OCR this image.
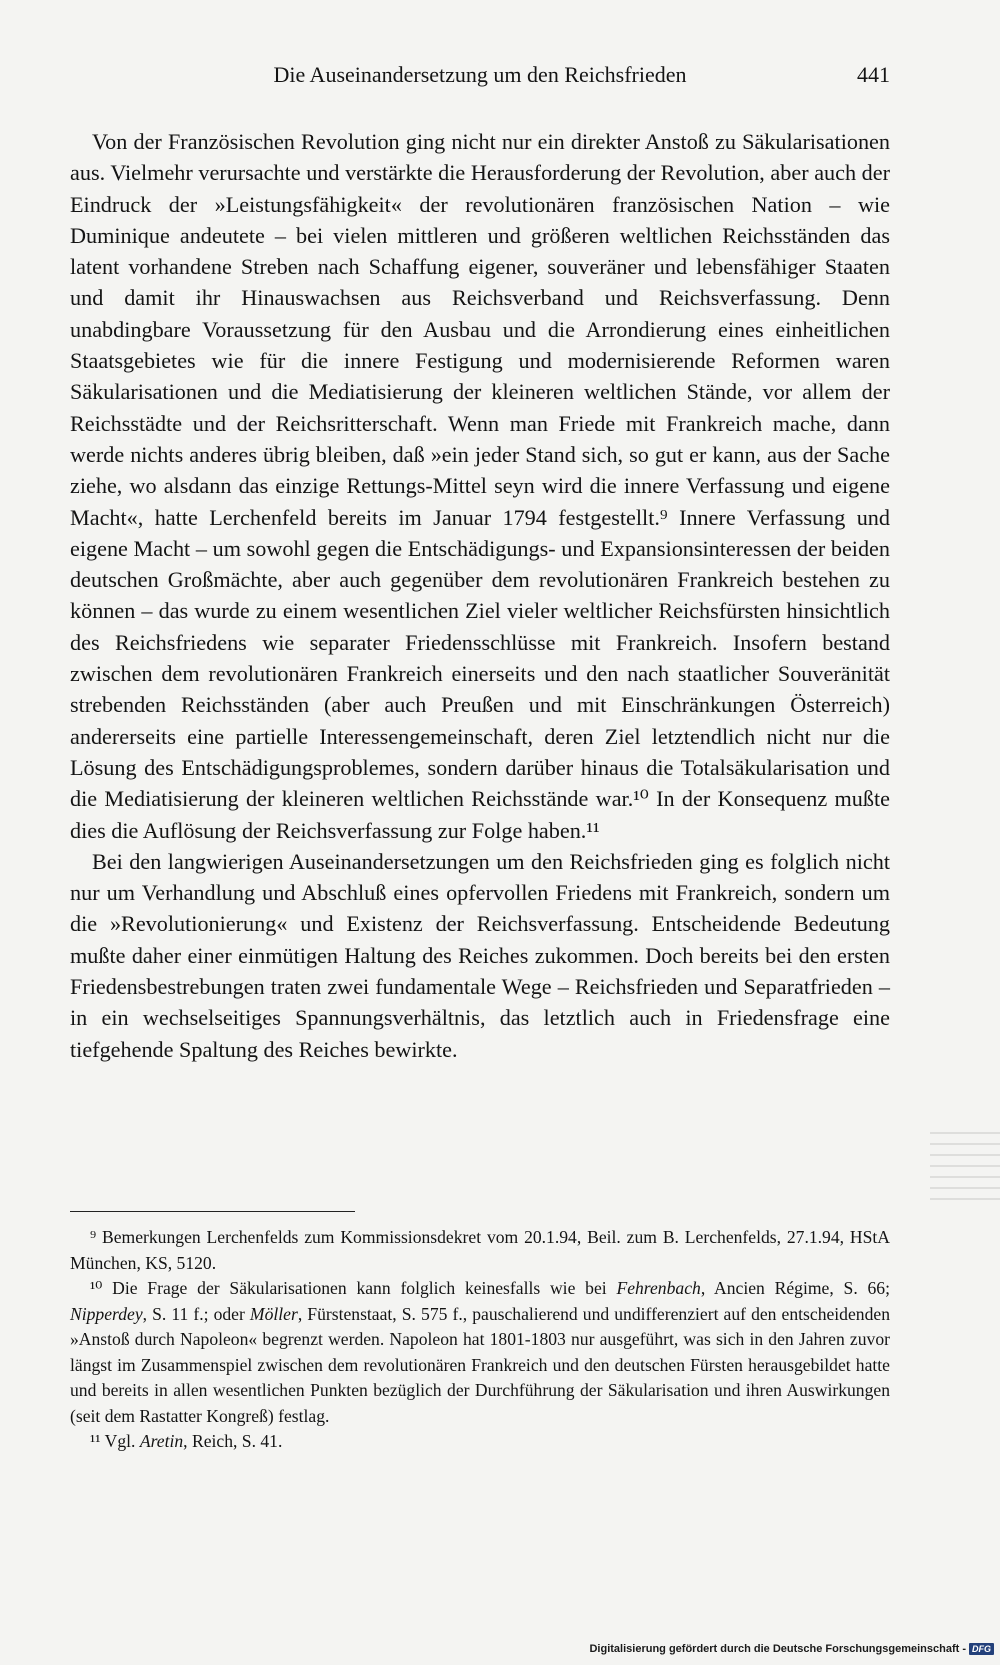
Die Auseinandersetzung um den Reichsfrieden	441

Von der Französischen Revolution ging nicht nur ein direkter Anstoß zu Säkularisationen aus. Vielmehr verursachte und verstärkte die Herausforderung der Revolution, aber auch der Eindruck der »Leistungsfähigkeit« der revolutionären französischen Nation – wie Duminique andeutete – bei vielen mittleren und größeren weltlichen Reichsständen das latent vorhandene Streben nach Schaffung eigener, souveräner und lebensfähiger Staaten und damit ihr Hinauswachsen aus Reichsverband und Reichsverfassung. Denn unabdingbare Voraussetzung für den Ausbau und die Arrondierung eines einheitlichen Staatsgebietes wie für die innere Festigung und modernisierende Reformen waren Säkularisationen und die Mediatisierung der kleineren weltlichen Stände, vor allem der Reichsstädte und der Reichsritterschaft. Wenn man Friede mit Frankreich mache, dann werde nichts anderes übrig bleiben, daß »ein jeder Stand sich, so gut er kann, aus der Sache ziehe, wo alsdann das einzige Rettungs-Mittel seyn wird die innere Verfassung und eigene Macht«, hatte Lerchenfeld bereits im Januar 1794 festgestellt.⁹ Innere Verfassung und eigene Macht – um sowohl gegen die Entschädigungs- und Expansionsinteressen der beiden deutschen Großmächte, aber auch gegenüber dem revolutionären Frankreich bestehen zu können – das wurde zu einem wesentlichen Ziel vieler weltlicher Reichsfürsten hinsichtlich des Reichsfriedens wie separater Friedensschlüsse mit Frankreich. Insofern bestand zwischen dem revolutionären Frankreich einerseits und den nach staatlicher Souveränität strebenden Reichsständen (aber auch Preußen und mit Einschränkungen Österreich) andererseits eine partielle Interessengemeinschaft, deren Ziel letztendlich nicht nur die Lösung des Entschädigungsproblemes, sondern darüber hinaus die Totalsäkularisation und die Mediatisierung der kleineren weltlichen Reichsstände war.¹⁰ In der Konsequenz mußte dies die Auflösung der Reichsverfassung zur Folge haben.¹¹

Bei den langwierigen Auseinandersetzungen um den Reichsfrieden ging es folglich nicht nur um Verhandlung und Abschluß eines opfervollen Friedens mit Frankreich, sondern um die »Revolutionierung« und Existenz der Reichsverfassung. Entscheidende Bedeutung mußte daher einer einmütigen Haltung des Reiches zukommen. Doch bereits bei den ersten Friedensbestrebungen traten zwei fundamentale Wege – Reichsfrieden und Separatfrieden – in ein wechselseitiges Spannungsverhältnis, das letztlich auch in Friedensfrage eine tiefgehende Spaltung des Reiches bewirkte.

⁹ Bemerkungen Lerchenfelds zum Kommissionsdekret vom 20.1.94, Beil. zum B. Lerchenfelds, 27.1.94, HStA München, KS, 5120.

¹⁰ Die Frage der Säkularisationen kann folglich keinesfalls wie bei Fehrenbach, Ancien Régime, S. 66; Nipperdey, S. 11 f.; oder Möller, Fürstenstaat, S. 575 f., pauschalierend und undifferenziert auf den entscheidenden »Anstoß durch Napoleon« begrenzt werden. Napoleon hat 1801-1803 nur ausgeführt, was sich in den Jahren zuvor längst im Zusammenspiel zwischen dem revolutionären Frankreich und den deutschen Fürsten herausgebildet hatte und bereits in allen wesentlichen Punkten bezüglich der Durchführung der Säkularisation und ihren Auswirkungen (seit dem Rastatter Kongreß) festlag.

¹¹ Vgl. Aretin, Reich, S. 41.

Digitalisierung gefördert durch die Deutsche Forschungsgemeinschaft - DFG
